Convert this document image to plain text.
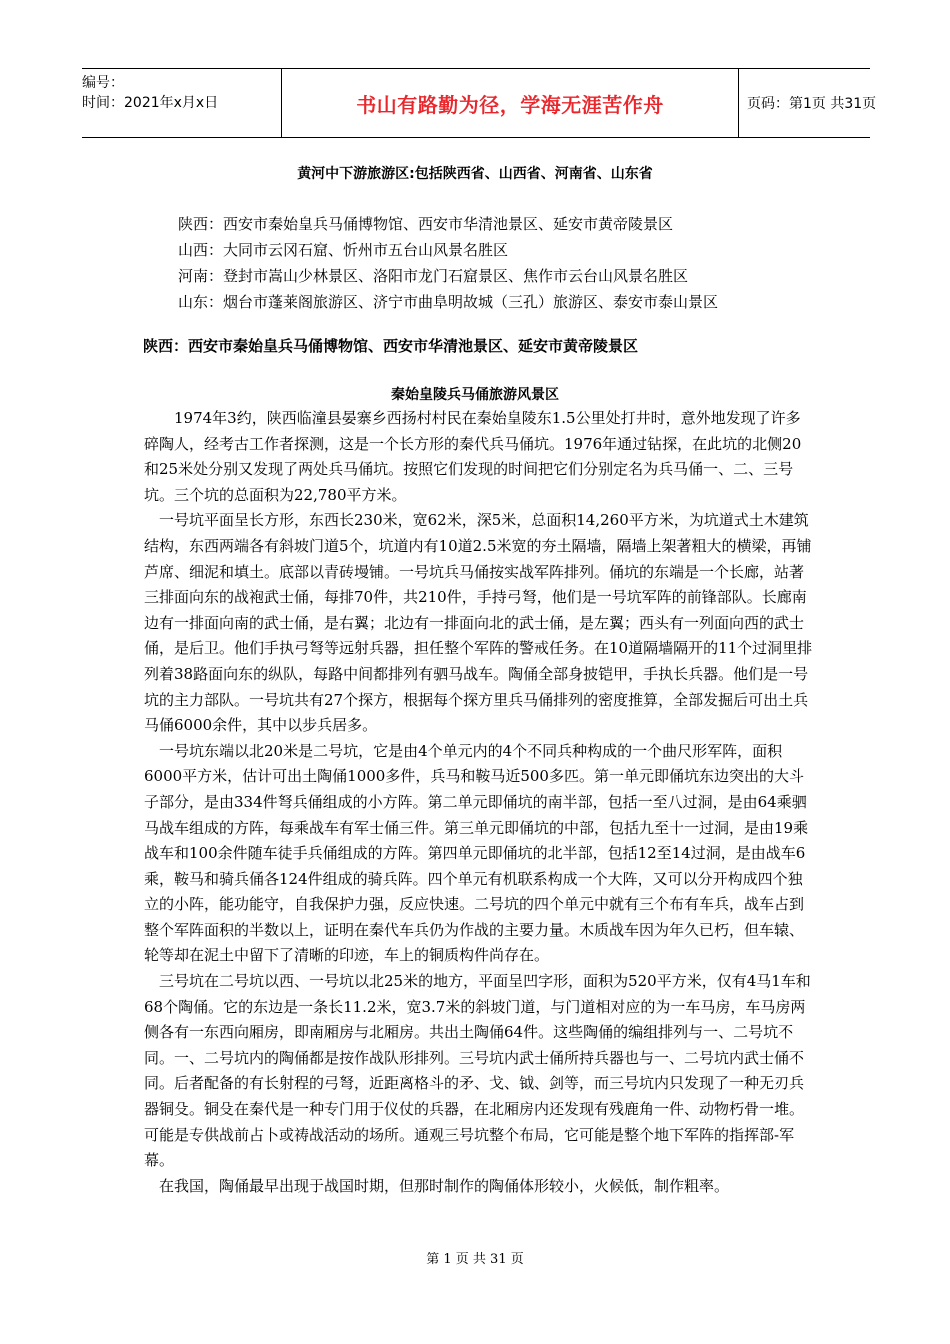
编号：
时间：2021年x月x日	书山有路勤为径，学海无涯苦作舟	页码：第1页 共31页
黄河中下游旅游区:包括陕西省、山西省、河南省、山东省
陕西：西安市秦始皇兵马俑博物馆、西安市华清池景区、延安市黄帝陵景区
山西：大同市云冈石窟、忻州市五台山风景名胜区
河南：登封市嵩山少林景区、洛阳市龙门石窟景区、焦作市云台山风景名胜区
山东：烟台市蓬莱阁旅游区、济宁市曲阜明故城（三孔）旅游区、泰安市泰山景区
陕西：西安市秦始皇兵马俑博物馆、西安市华清池景区、延安市黄帝陵景区
秦始皇陵兵马俑旅游风景区

1974年3约，陕西临潼县晏寨乡西扬村村民在秦始皇陵东1.5公里处打井时，意外地发现了许多碎陶人，经考古工作者探测，这是一个长方形的秦代兵马俑坑。1976年通过钻探，在此坑的北侧20和25米处分别又发现了两处兵马俑坑。按照它们发现的时间把它们分别定名为兵马俑一、二、三号坑。三个坑的总面积为22,780平方米。

一号坑平面呈长方形，东西长230米，宽62米，深5米，总面积14,260平方米，为坑道式土木建筑结构，东西两端各有斜坡门道5个，坑道内有10道2.5米宽的夯土隔墙，隔墙上架著粗大的横梁，再铺芦席、细泥和填土。底部以青砖墁铺。一号坑兵马俑按实战军阵排列。俑坑的东端是一个长廊，站著三排面向东的战袍武士俑，每排70件，共210件，手持弓弩，他们是一号坑军阵的前锋部队。长廊南边有一排面向南的武士俑，是右翼；北边有一排面向北的武士俑，是左翼；西头有一列面向西的武士俑，是后卫。他们手执弓弩等远射兵器，担任整个军阵的警戒任务。在10道隔墙隔开的11个过洞里排列着38路面向东的纵队，每路中间都排列有驷马战车。陶俑全部身披铠甲，手执长兵器。他们是一号坑的主力部队。一号坑共有27个探方，根据每个探方里兵马俑排列的密度推算，全部发掘后可出土兵马俑6000余件，其中以步兵居多。

一号坑东端以北20米是二号坑，它是由4个单元内的4个不同兵种构成的一个曲尺形军阵，面积6000平方米，估计可出土陶俑1000多件，兵马和鞍马近500多匹。第一单元即俑坑东边突出的大斗子部分，是由334件弩兵俑组成的小方阵。第二单元即俑坑的南半部，包括一至八过洞，是由64乘驷马战车组成的方阵，每乘战车有军士俑三件。第三单元即俑坑的中部，包括九至十一过洞，是由19乘战车和100余件随车徒手兵俑组成的方阵。第四单元即俑坑的北半部，包括12至14过洞，是由战车6乘，鞍马和骑兵俑各124件组成的骑兵阵。四个单元有机联系构成一个大阵，又可以分开构成四个独立的小阵，能功能守，自我保护力强，反应快速。二号坑的四个单元中就有三个布有车兵，战车占到整个军阵面积的半数以上，证明在秦代车兵仍为作战的主要力量。木质战车因为年久已朽，但车辕、轮等却在泥土中留下了清晰的印迹，车上的铜质构件尚存在。

三号坑在二号坑以西、一号坑以北25米的地方，平面呈凹字形，面积为520平方米，仅有4马1车和68个陶俑。它的东边是一条长11.2米，宽3.7米的斜坡门道，与门道相对应的为一车马房，车马房两侧各有一东西向厢房，即南厢房与北厢房。共出土陶俑64件。这些陶俑的编组排列与一、二号坑不同。一、二号坑内的陶俑都是按作战队形排列。三号坑内武士俑所持兵器也与一、二号坑内武士俑不同。后者配备的有长射程的弓弩，近距离格斗的矛、戈、钺、剑等，而三号坑内只发现了一种无刃兵器铜殳。铜殳在秦代是一种专门用于仪仗的兵器，在北厢房内还发现有残鹿角一件、动物朽骨一堆。可能是专供战前占卜或祷战活动的场所。通观三号坑整个布局，它可能是整个地下军阵的指挥部-军幕。

在我国，陶俑最早出现于战国时期，但那时制作的陶俑体形较小，火候低，制作粗率。

第 1 页 共 31 页
